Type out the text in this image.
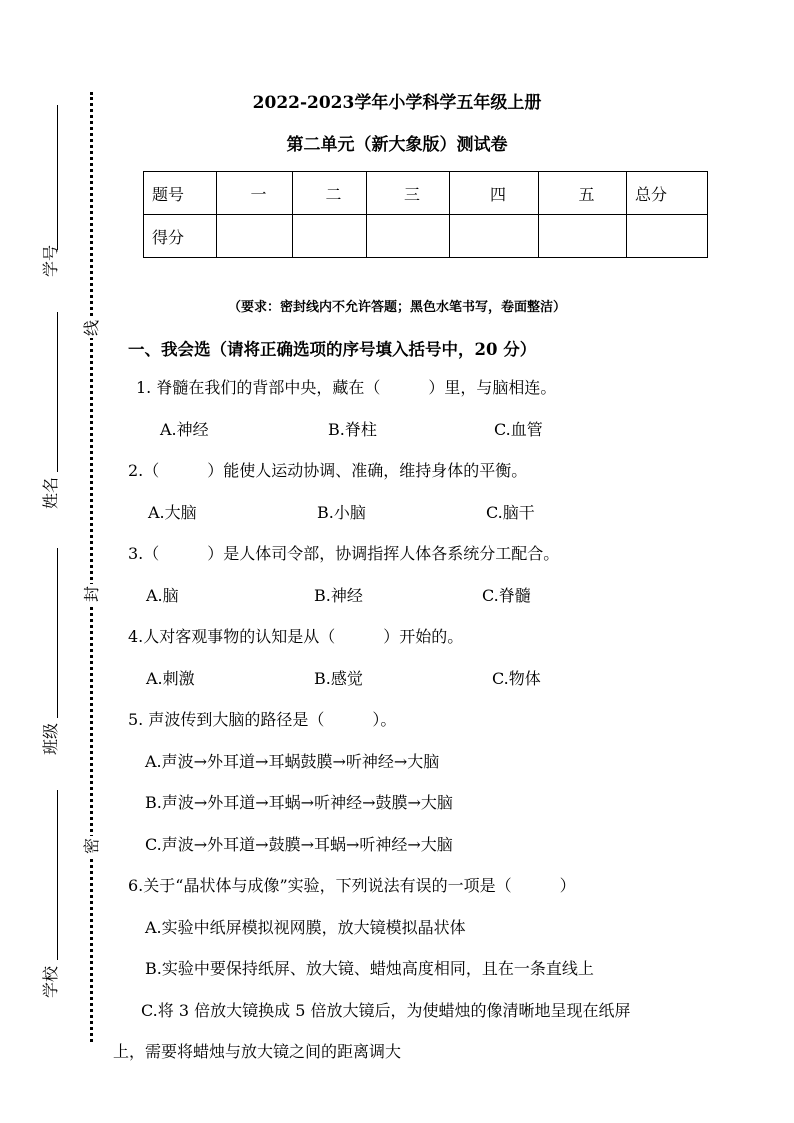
学号
姓名
班级
学校
线
封
密
2022-2023学年小学科学五年级上册
第二单元（新大象版）测试卷
题号	一	二	三	四	五	总分
得分						
（要求：密封线内不允许答题；黑色水笔书写，卷面整洁）
一、我会选（请将正确选项的序号填入括号中，20 分）
1. 脊髓在我们的背部中央，藏在（　　　）里，与脑相连。
A.神经	B.脊柱	C.血管
2.（　　　）能使人运动协调、准确，维持身体的平衡。
A.大脑	B.小脑	C.脑干
3.（　　　）是人体司令部，协调指挥人体各系统分工配合。
A.脑	B.神经	C.脊髓
4.人对客观事物的认知是从（　　　）开始的。
A.刺激	B.感觉	C.物体
5. 声波传到大脑的路径是（　　　）。
A.声波→外耳道→耳蜗鼓膜→听神经→大脑
B.声波→外耳道→耳蜗→听神经→鼓膜→大脑
C.声波→外耳道→鼓膜→耳蜗→听神经→大脑
6.关于“晶状体与成像”实验，下列说法有误的一项是（　　　）
A.实验中纸屏模拟视网膜，放大镜模拟晶状体
B.实验中要保持纸屏、放大镜、蜡烛高度相同，且在一条直线上
C.将 3 倍放大镜换成 5 倍放大镜后，为使蜡烛的像清晰地呈现在纸屏
上，需要将蜡烛与放大镜之间的距离调大
